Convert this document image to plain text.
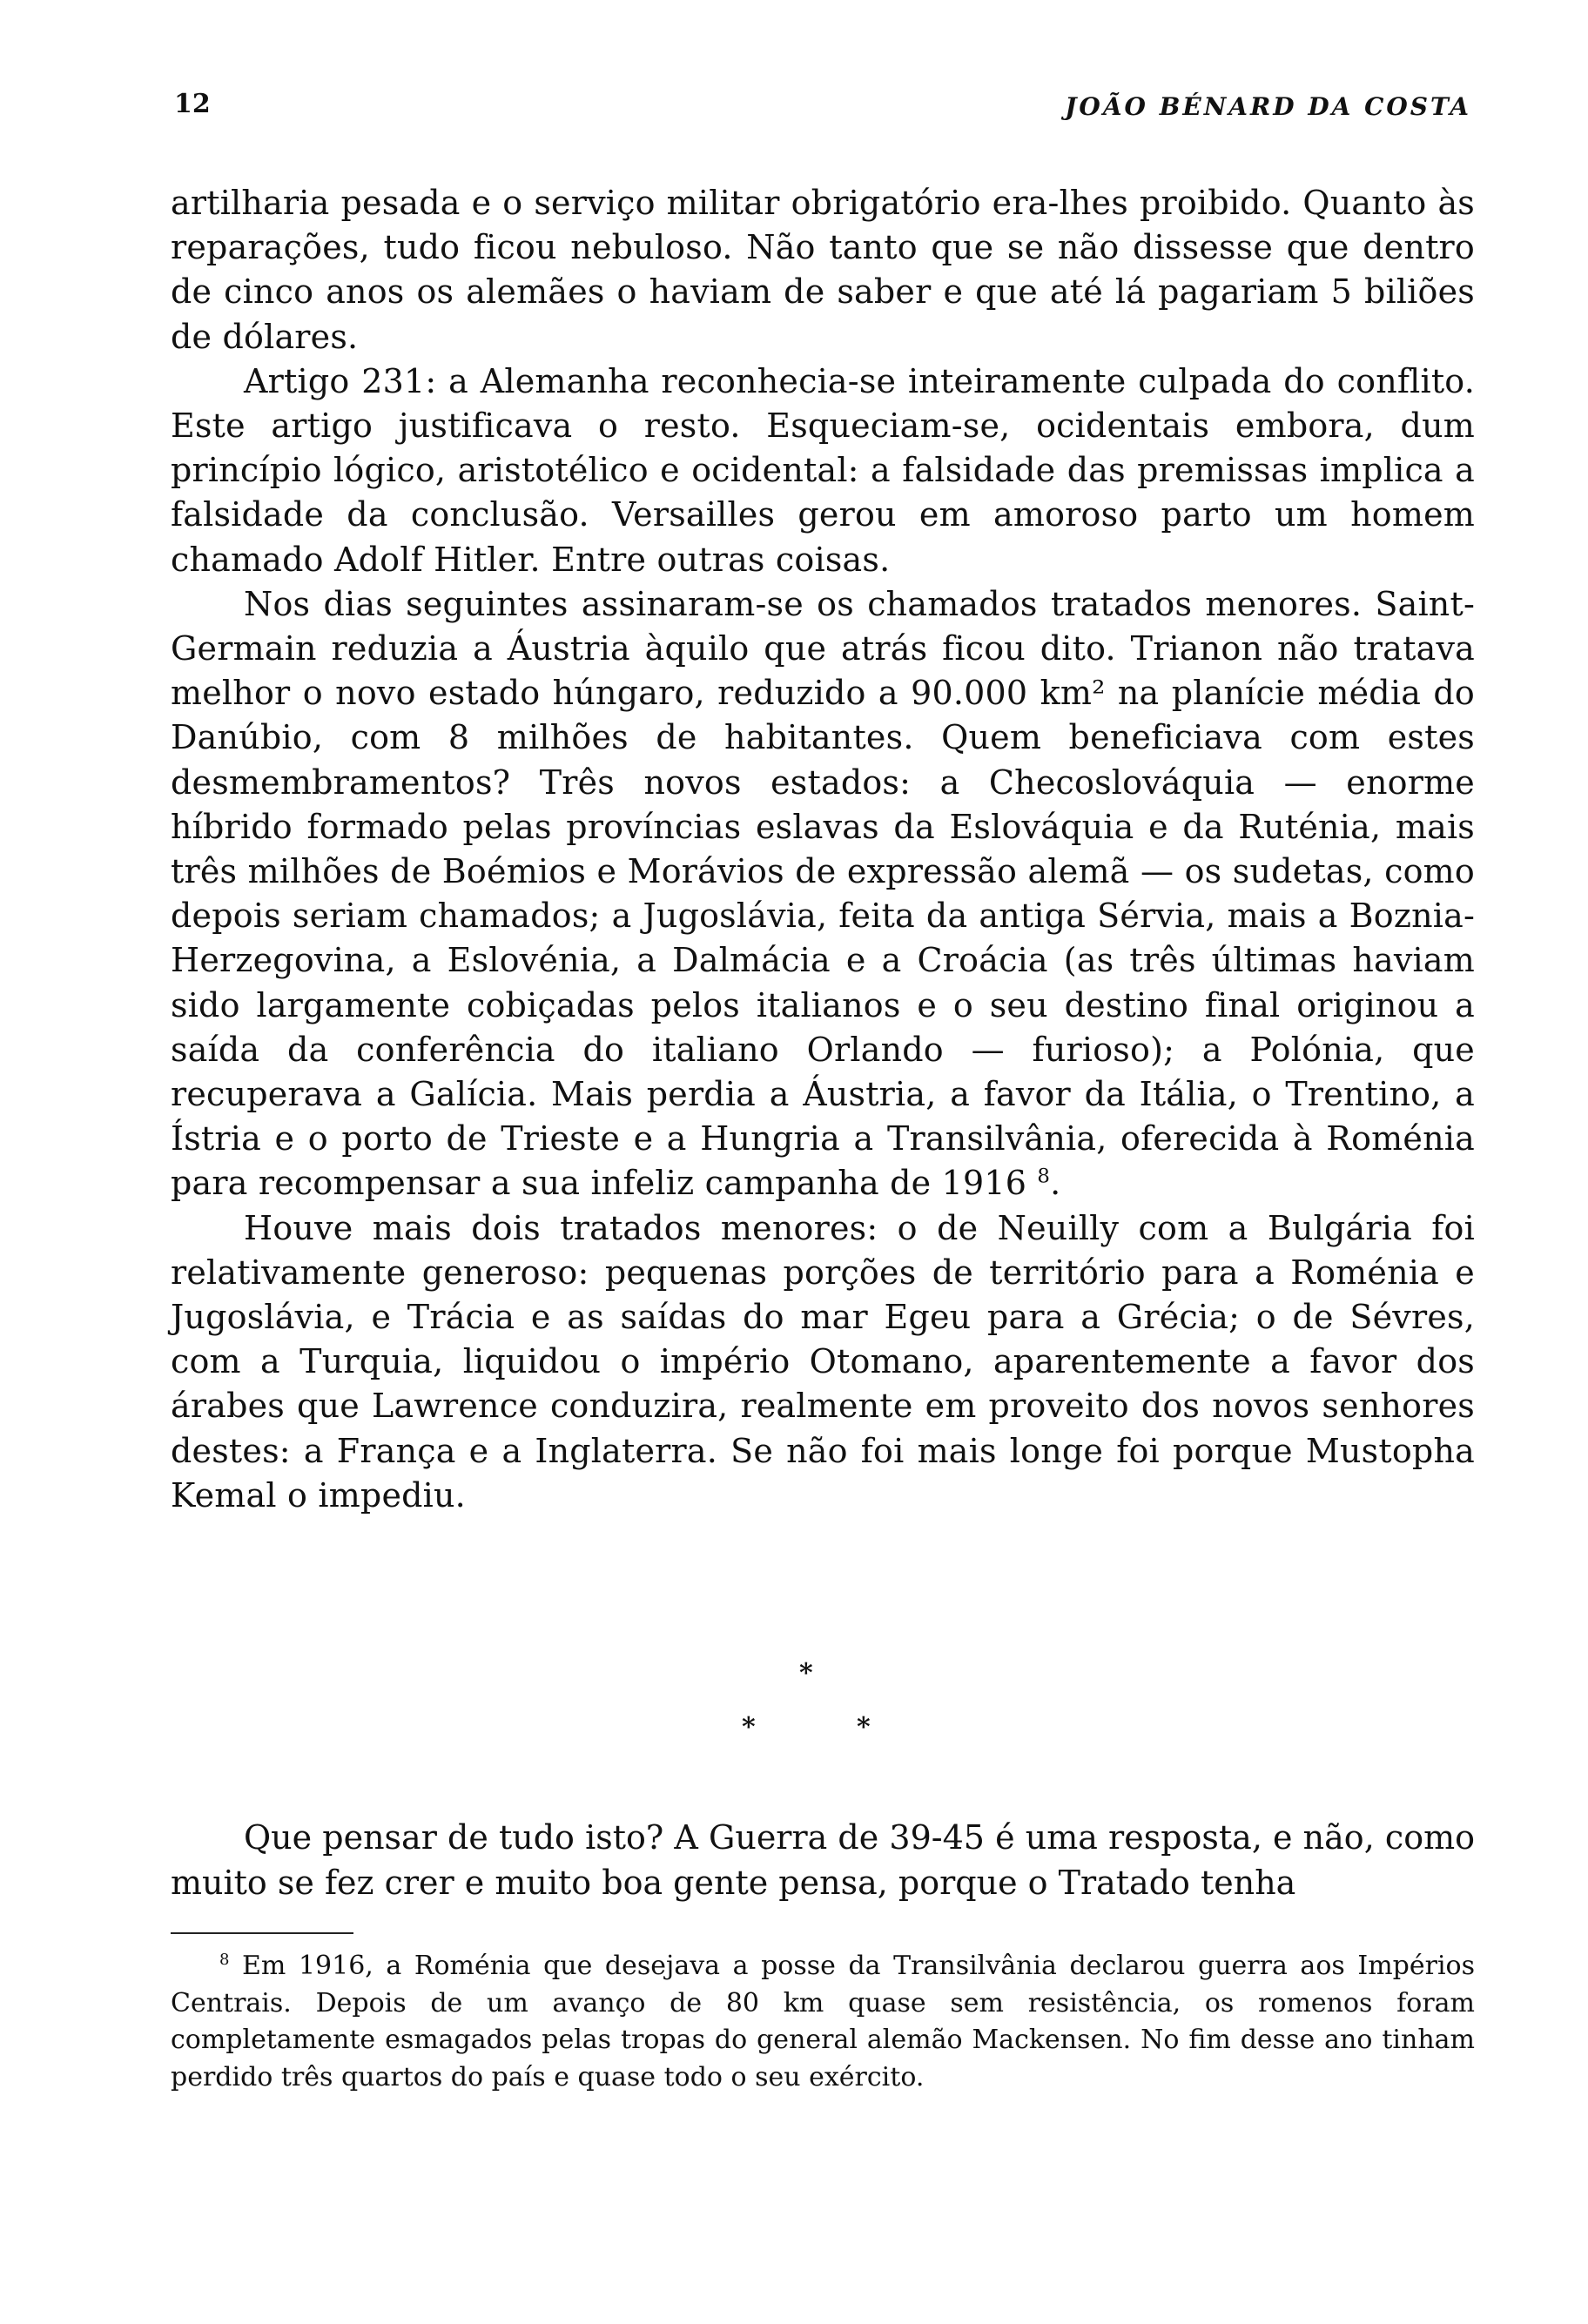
12	JOÃO BÉNARD DA COSTA

artilharia pesada e o serviço militar obrigatório era-lhes proibido. Quanto às reparações, tudo ficou nebuloso. Não tanto que se não dissesse que dentro de cinco anos os alemães o haviam de saber e que até lá pagariam 5 biliões de dólares.

Artigo 231: a Alemanha reconhecia-se inteiramente culpada do conflito. Este artigo justificava o resto. Esqueciam-se, ocidentais embora, dum princípio lógico, aristotélico e ocidental: a falsidade das premissas implica a falsidade da conclusão. Versailles gerou em amoroso parto um homem chamado Adolf Hitler. Entre outras coisas.

Nos dias seguintes assinaram-se os chamados tratados menores. Saint-Germain reduzia a Áustria àquilo que atrás ficou dito. Trianon não tratava melhor o novo estado húngaro, reduzido a 90.000 km² na planície média do Danúbio, com 8 milhões de habitantes. Quem beneficiava com estes desmembramentos? Três novos estados: a Checoslováquia — enorme híbrido formado pelas províncias eslavas da Eslováquia e da Ruténia, mais três milhões de Boémios e Morávios de expressão alemã — os sudetas, como depois seriam chamados; a Jugoslávia, feita da antiga Sérvia, mais a Boznia-Herzegovina, a Eslovénia, a Dalmácia e a Croácia (as três últimas haviam sido largamente cobiçadas pelos italianos e o seu destino final originou a saída da conferência do italiano Orlando — furioso); a Polónia, que recuperava a Galícia. Mais perdia a Áustria, a favor da Itália, o Trentino, a Ístria e o porto de Trieste e a Hungria a Transilvânia, oferecida à Roménia para recompensar a sua infeliz campanha de 1916 $^8$.

Houve mais dois tratados menores: o de Neuilly com a Bulgária foi relativamente generoso: pequenas porções de território para a Roménia e Jugoslávia, e Trácia e as saídas do mar Egeu para a Grécia; o de Sévres, com a Turquia, liquidou o império Otomano, aparentemente a favor dos árabes que Lawrence conduzira, realmente em proveito dos novos senhores destes: a França e a Inglaterra. Se não foi mais longe foi porque Mustopha Kemal o impediu.

*
*	*

Que pensar de tudo isto? A Guerra de 39-45 é uma resposta, e não, como muito se fez crer e muito boa gente pensa, porque o Tratado tenha

$^8$ Em 1916, a Roménia que desejava a posse da Transilvânia declarou guerra aos Impérios Centrais. Depois de um avanço de 80 km quase sem resistência, os romenos foram completamente esmagados pelas tropas do general alemão Mackensen. No fim desse ano tinham perdido três quartos do país e quase todo o seu exército.
